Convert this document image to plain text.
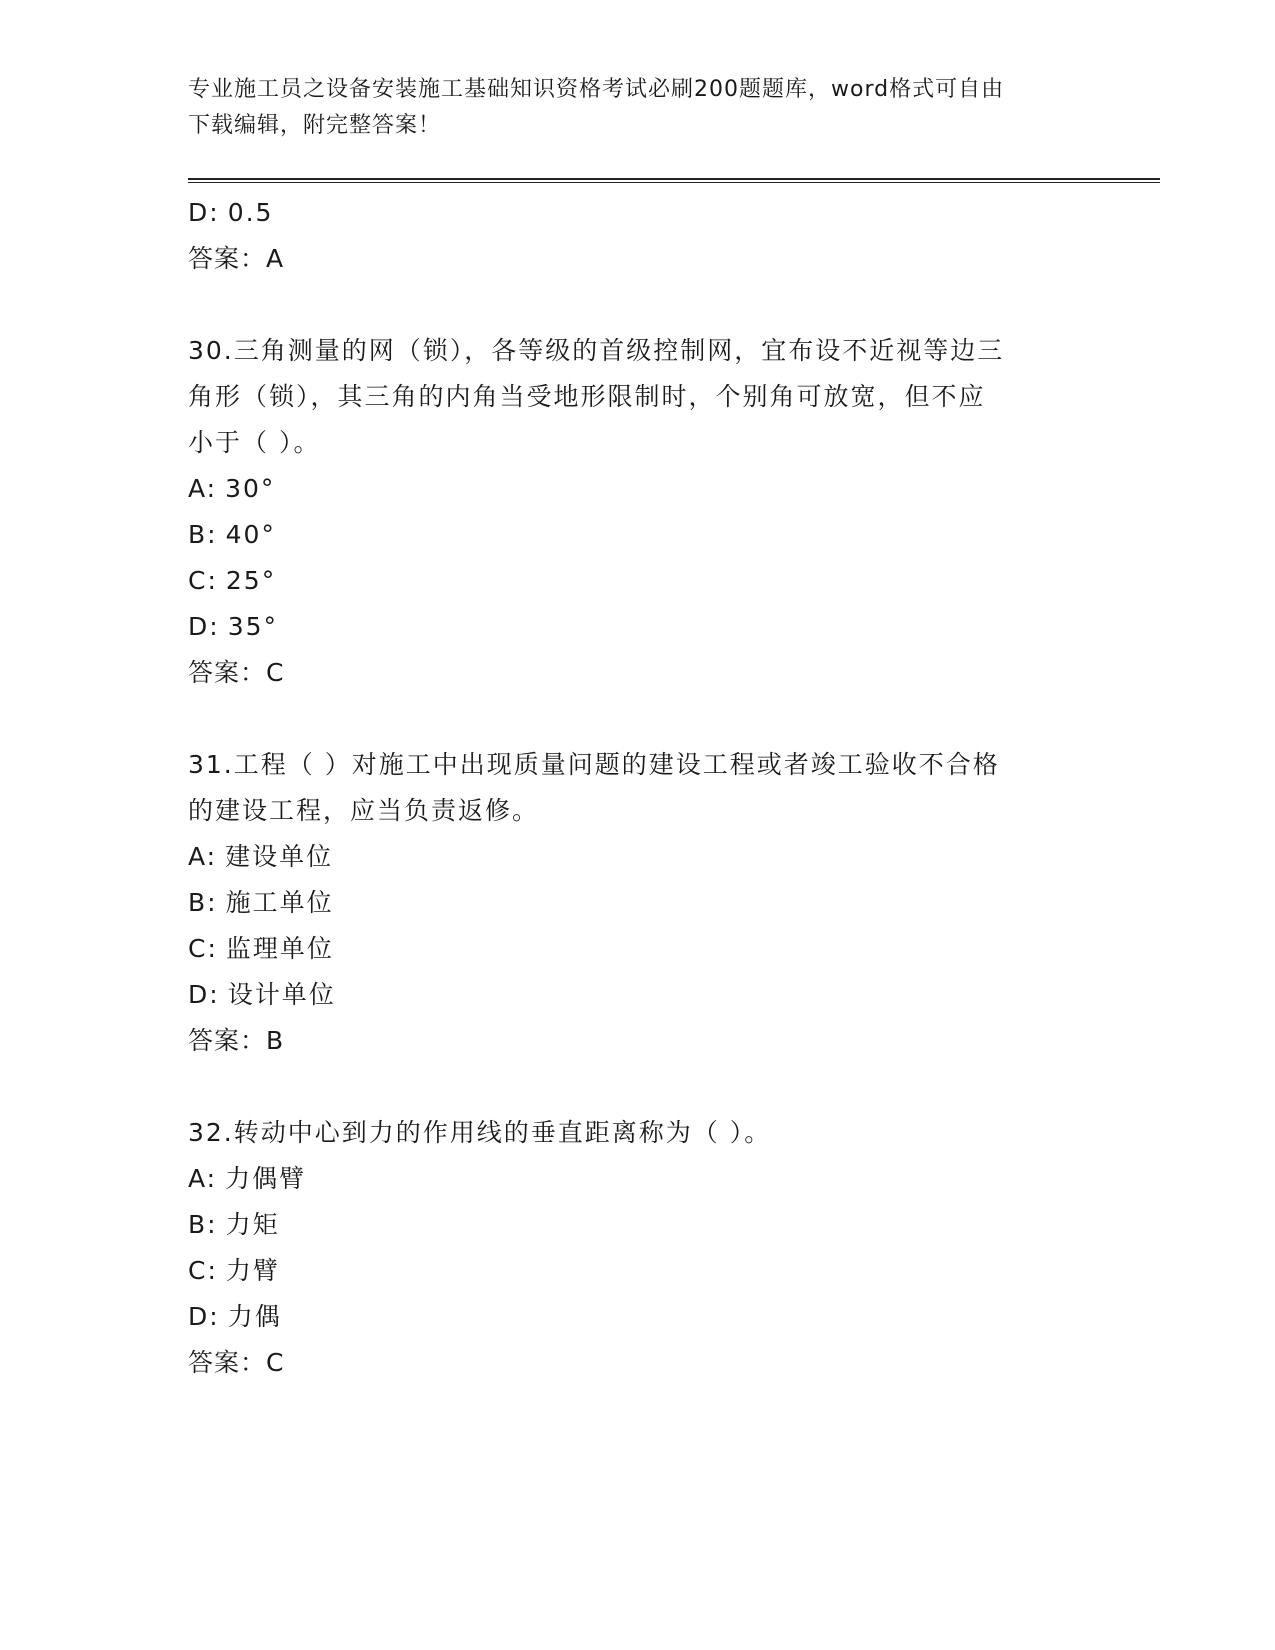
专业施工员之设备安装施工基础知识资格考试必刷200题题库，word格式可自由
下载编辑，附完整答案！
D: 0.5
答案：A
30.三角测量的网（锁），各等级的首级控制网，宜布设不近视等边三
角形（锁），其三角的内角当受地形限制时，个别角可放宽，但不应
小于（ ）。
A: 30°
B: 40°
C: 25°
D: 35°
答案：C
31.工程（ ）对施工中出现质量问题的建设工程或者竣工验收不合格
的建设工程，应当负责返修。
A: 建设单位
B: 施工单位
C: 监理单位
D: 设计单位
答案：B
32.转动中心到力的作用线的垂直距离称为（ ）。
A: 力偶臂
B: 力矩
C: 力臂
D: 力偶
答案：C
